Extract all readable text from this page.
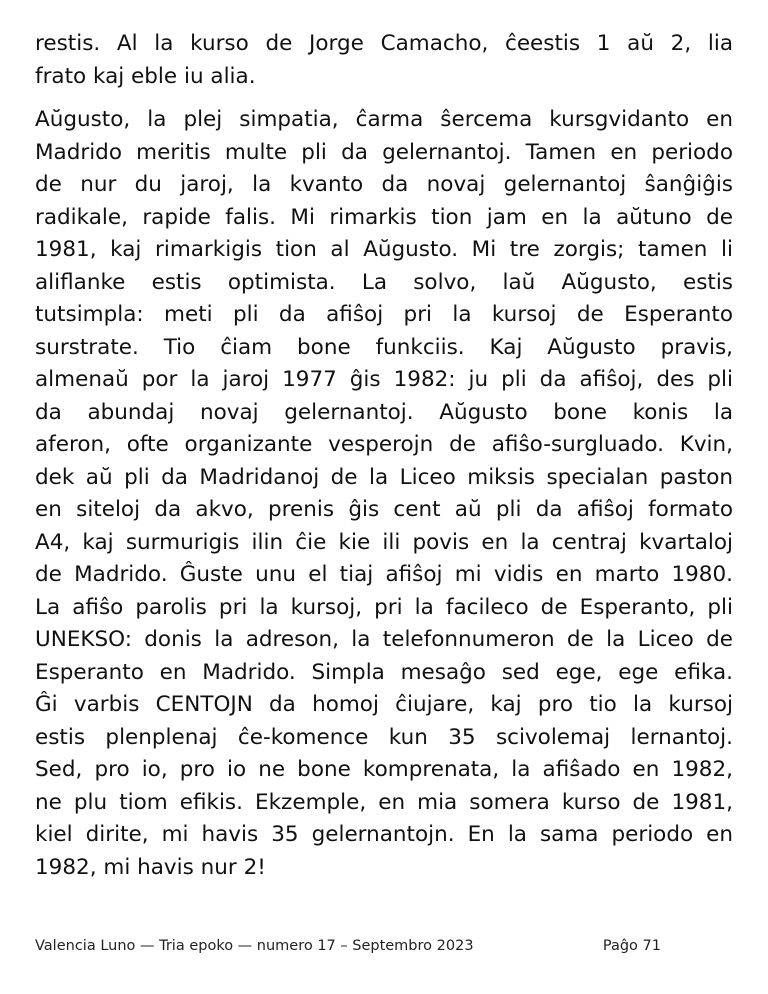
restis. Al la kurso de Jorge Camacho, ĉeestis 1 aŭ 2, lia
frato kaj eble iu alia.
Aŭgusto, la plej simpatia, ĉarma ŝercema kursgvidanto en
Madrido meritis multe pli da gelernantoj. Tamen en periodo
de nur du jaroj, la kvanto da novaj gelernantoj ŝanĝiĝis
radikale, rapide falis. Mi rimarkis tion jam en la aŭtuno de
1981, kaj rimarkigis tion al Aŭgusto. Mi tre zorgis; tamen li
aliflanke estis optimista. La solvo, laŭ Aŭgusto, estis
tutsimpla: meti pli da afiŝoj pri la kursoj de Esperanto
surstrate. Tio ĉiam bone funkciis. Kaj Aŭgusto pravis,
almenaŭ por la jaroj 1977 ĝis 1982: ju pli da afiŝoj, des pli
da abundaj novaj gelernantoj. Aŭgusto bone konis la
aferon, ofte organizante vesperojn de afiŝo-surgluado. Kvin,
dek aŭ pli da Madridanoj de la Liceo miksis specialan paston
en siteloj da akvo, prenis ĝis cent aŭ pli da afiŝoj formato
A4, kaj surmurigis ilin ĉie kie ili povis en la centraj kvartaloj
de Madrido. Ĝuste unu el tiaj afiŝoj mi vidis en marto 1980.
La afiŝo parolis pri la kursoj, pri la facileco de Esperanto, pli
UNEKSO: donis la adreson, la telefonnumeron de la Liceo de
Esperanto en Madrido. Simpla mesaĝo sed ege, ege efika.
Ĝi varbis CENTOJN da homoj ĉiujare, kaj pro tio la kursoj
estis plenplenaj ĉe-komence kun 35 scivolemaj lernantoj.
Sed, pro io, pro io ne bone komprenata, la afiŝado en 1982,
ne plu tiom efikis. Ekzemple, en mia somera kurso de 1981,
kiel dirite, mi havis 35 gelernantojn. En la sama periodo en
1982, mi havis nur 2!
Valencia Luno — Tria epoko — numero 17 – Septembro 2023	Paĝo 71
